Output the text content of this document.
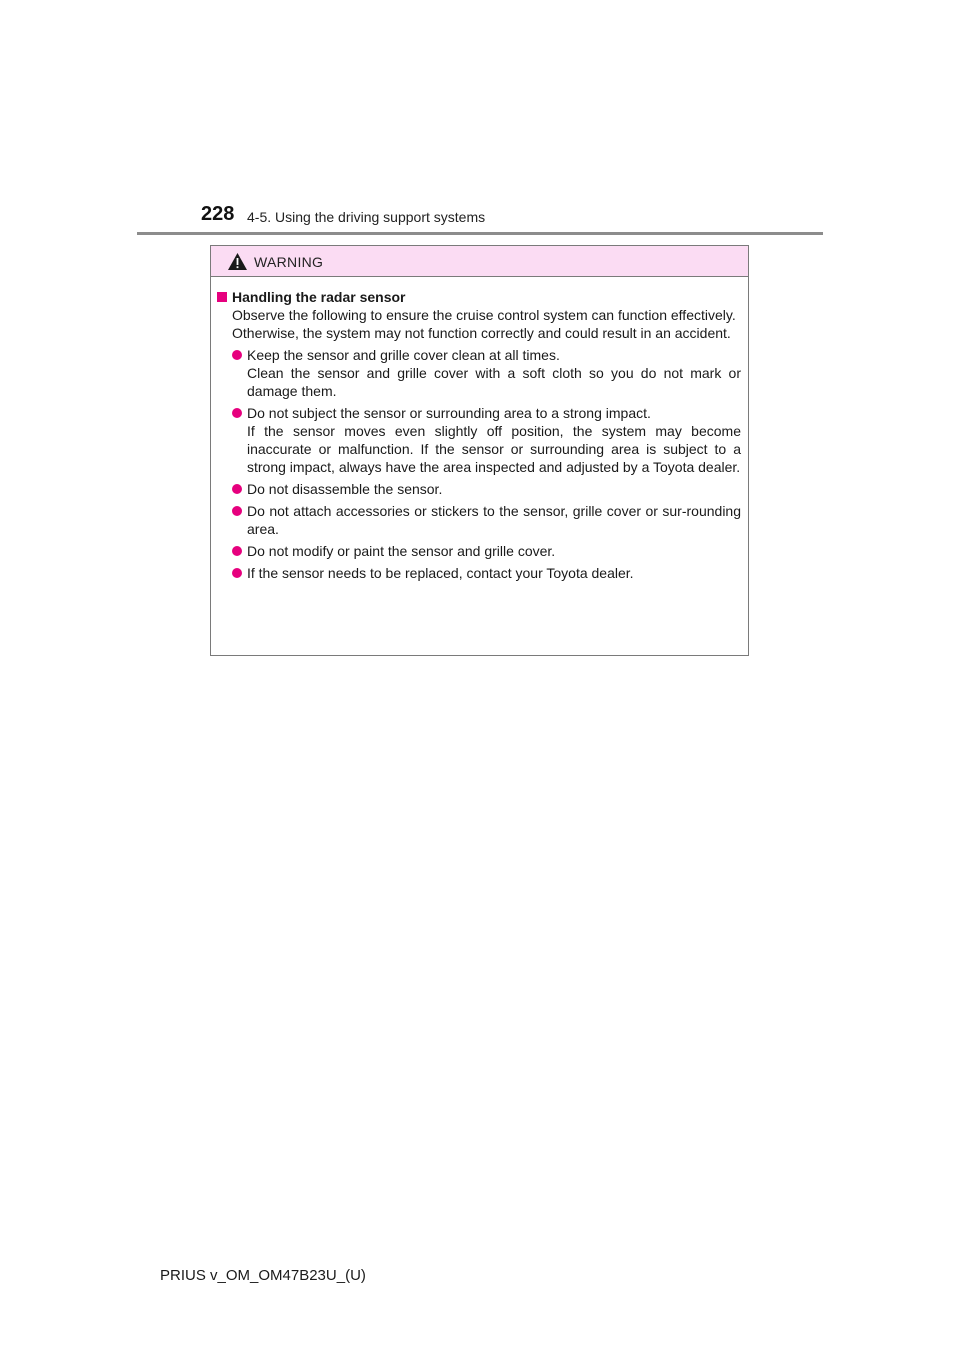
228 4-5. Using the driving support systems
WARNING
Handling the radar sensor
Observe the following to ensure the cruise control system can function effectively.
Otherwise, the system may not function correctly and could result in an accident.
Keep the sensor and grille cover clean at all times.
Clean the sensor and grille cover with a soft cloth so you do not mark or damage them.
Do not subject the sensor or surrounding area to a strong impact.
If the sensor moves even slightly off position, the system may become inaccurate or malfunction. If the sensor or surrounding area is subject to a strong impact, always have the area inspected and adjusted by a Toyota dealer.
Do not disassemble the sensor.
Do not attach accessories or stickers to the sensor, grille cover or sur-rounding area.
Do not modify or paint the sensor and grille cover.
If the sensor needs to be replaced, contact your Toyota dealer.
PRIUS v_OM_OM47B23U_(U)
